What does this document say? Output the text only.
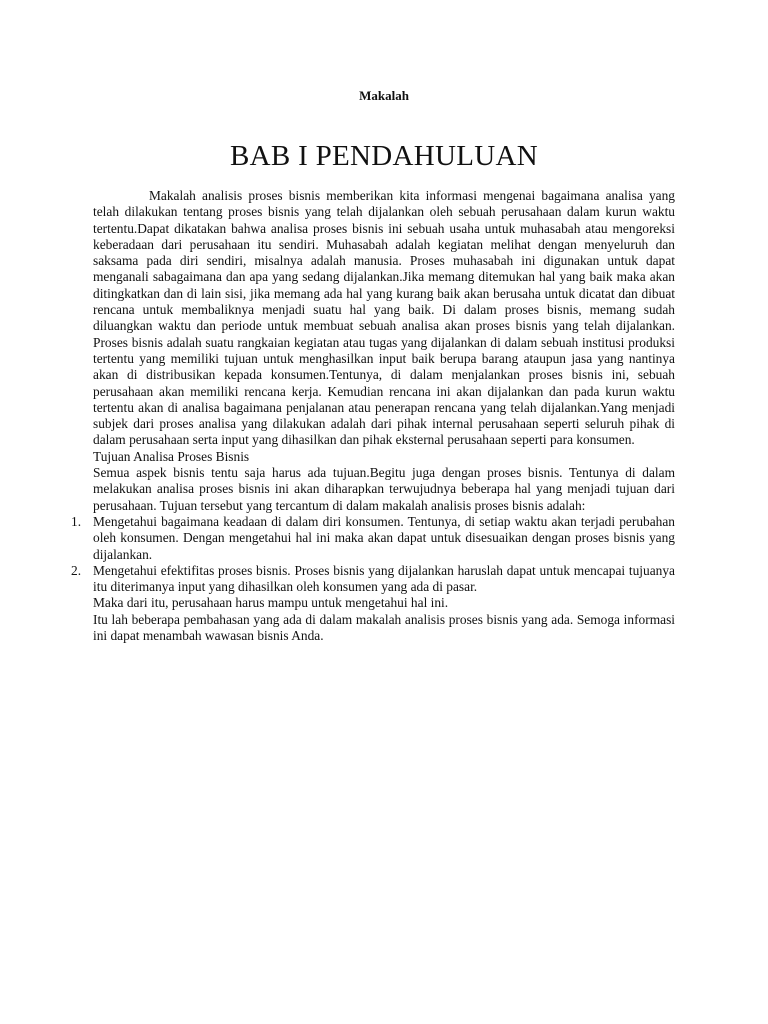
Makalah
BAB I PENDAHULUAN

Makalah analisis proses bisnis memberikan kita informasi mengenai bagaimana analisa yang telah dilakukan tentang proses bisnis yang telah dijalankan oleh sebuah perusahaan dalam kurun waktu tertentu.Dapat dikatakan bahwa analisa proses bisnis ini sebuah usaha untuk muhasabah atau mengoreksi keberadaan dari perusahaan itu sendiri. Muhasabah adalah kegiatan melihat dengan menyeluruh dan saksama pada diri sendiri, misalnya adalah manusia. Proses muhasabah ini digunakan untuk dapat menganali sabagaimana dan apa yang sedang dijalankan.Jika memang ditemukan hal yang baik maka akan ditingkatkan dan di lain sisi, jika memang ada hal yang kurang baik akan berusaha untuk dicatat dan dibuat rencana untuk membaliknya menjadi suatu hal yang baik. Di dalam proses bisnis, memang sudah diluangkan waktu dan periode untuk membuat sebuah analisa akan proses bisnis yang telah dijalankan. Proses bisnis adalah suatu rangkaian kegiatan atau tugas yang dijalankan di dalam sebuah institusi produksi tertentu yang memiliki tujuan untuk menghasilkan input baik berupa barang ataupun jasa yang nantinya akan di distribusikan kepada konsumen.Tentunya, di dalam menjalankan proses bisnis ini, sebuah perusahaan akan memiliki rencana kerja. Kemudian rencana ini akan dijalankan dan pada kurun waktu tertentu akan di analisa bagaimana penjalanan atau penerapan rencana yang telah dijalankan.Yang menjadi subjek dari proses analisa yang dilakukan adalah dari pihak internal perusahaan seperti seluruh pihak di dalam perusahaan serta input yang dihasilkan dan pihak eksternal perusahaan seperti para konsumen.

Tujuan Analisa Proses Bisnis

Semua aspek bisnis tentu saja harus ada tujuan.Begitu juga dengan proses bisnis. Tentunya di dalam melakukan analisa proses bisnis ini akan diharapkan terwujudnya beberapa hal yang menjadi tujuan dari perusahaan. Tujuan tersebut yang tercantum di dalam makalah analisis proses bisnis adalah:

1. Mengetahui bagaimana keadaan di dalam diri konsumen. Tentunya, di setiap waktu akan terjadi perubahan oleh konsumen. Dengan mengetahui hal ini maka akan dapat untuk disesuaikan dengan proses bisnis yang dijalankan.

2. Mengetahui efektifitas proses bisnis. Proses bisnis yang dijalankan haruslah dapat untuk mencapai tujuanya itu diterimanya input yang dihasilkan oleh konsumen yang ada di pasar.

Maka dari itu, perusahaan harus mampu untuk mengetahui hal ini.

Itu lah beberapa pembahasan yang ada di dalam makalah analisis proses bisnis yang ada. Semoga informasi ini dapat menambah wawasan bisnis Anda.
